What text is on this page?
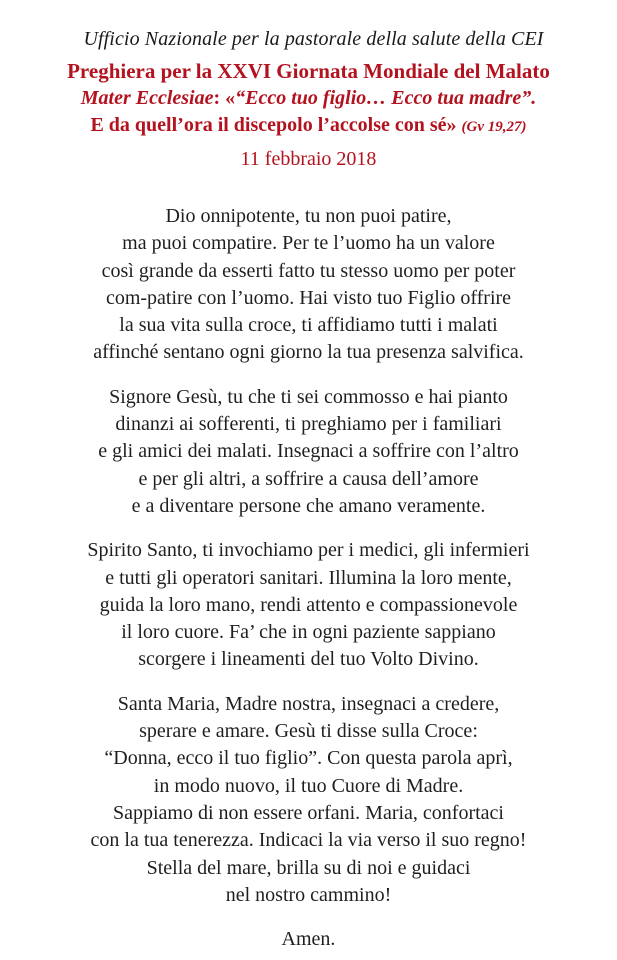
Ufficio Nazionale per la pastorale della salute della CEI
Preghiera per la XXVI Giornata Mondiale del Malato
Mater Ecclesiae: «“Ecco tuo figlio… Ecco tua madre”.
E da quell’ora il discepolo l’accolse con sé» (Gv 19,27)
11 febbraio 2018
Dio onnipotente, tu non puoi patire,
ma puoi compatire. Per te l’uomo ha un valore
così grande da esserti fatto tu stesso uomo per poter
com-patire con l’uomo. Hai visto tuo Figlio offrire
la sua vita sulla croce, ti affidiamo tutti i malati
affinché sentano ogni giorno la tua presenza salvifica.
Signore Gesù, tu che ti sei commosso e hai pianto
dinanzi ai sofferenti, ti preghiamo per i familiari
e gli amici dei malati. Insegnaci a soffrire con l’altro
e per gli altri, a soffrire a causa dell’amore
e a diventare persone che amano veramente.
Spirito Santo, ti invochiamo per i medici, gli infermieri
e tutti gli operatori sanitari. Illumina la loro mente,
guida la loro mano, rendi attento e compassionevole
il loro cuore. Fa’ che in ogni paziente sappiano
scorgere i lineamenti del tuo Volto Divino.
Santa Maria, Madre nostra, insegnaci a credere,
sperare e amare. Gesù ti disse sulla Croce:
“Donna, ecco il tuo figlio”. Con questa parola aprì,
in modo nuovo, il tuo Cuore di Madre.
Sappiamo di non essere orfani. Maria, confortaci
con la tua tenerezza. Indicaci la via verso il suo regno!
Stella del mare, brilla su di noi e guidaci
nel nostro cammino!
Amen.
